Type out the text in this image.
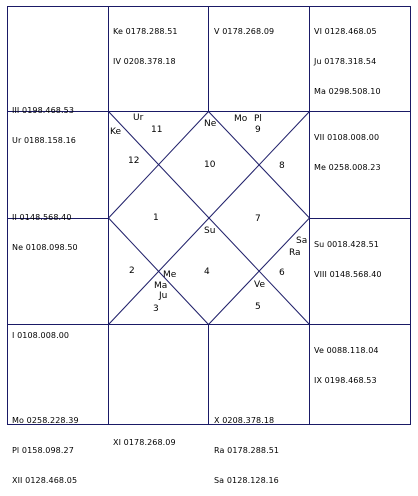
Ke 0178.288.51

IV 0208.378.18

V 0178.268.09

	VI 0128.468.05

Ju 0178.318.54

Ma 0298.508.10

III 0198.468.53

Ur 0188.158.16

	VII 0108.008.00

Me 0258.008.23

II 0148.568.40

Ne 0108.098.50

	Su 0018.428.51

VIII 0148.568.40

I 0108.008.00

Ve 0088.118.04

IX 0198.468.53

Mo 0258.228.39

Pl 0158.098.27

XII 0128.468.05

XI 0178.268.09

X 0208.378.18

Ra 0178.288.51

Sa 0128.128.16

10
11
12
1
2
3	5
6
7
8
9
4
Ur
Ke
Ne Mo Pl
Su
Sa
Ra
Me
Ma
Ju
Ve
